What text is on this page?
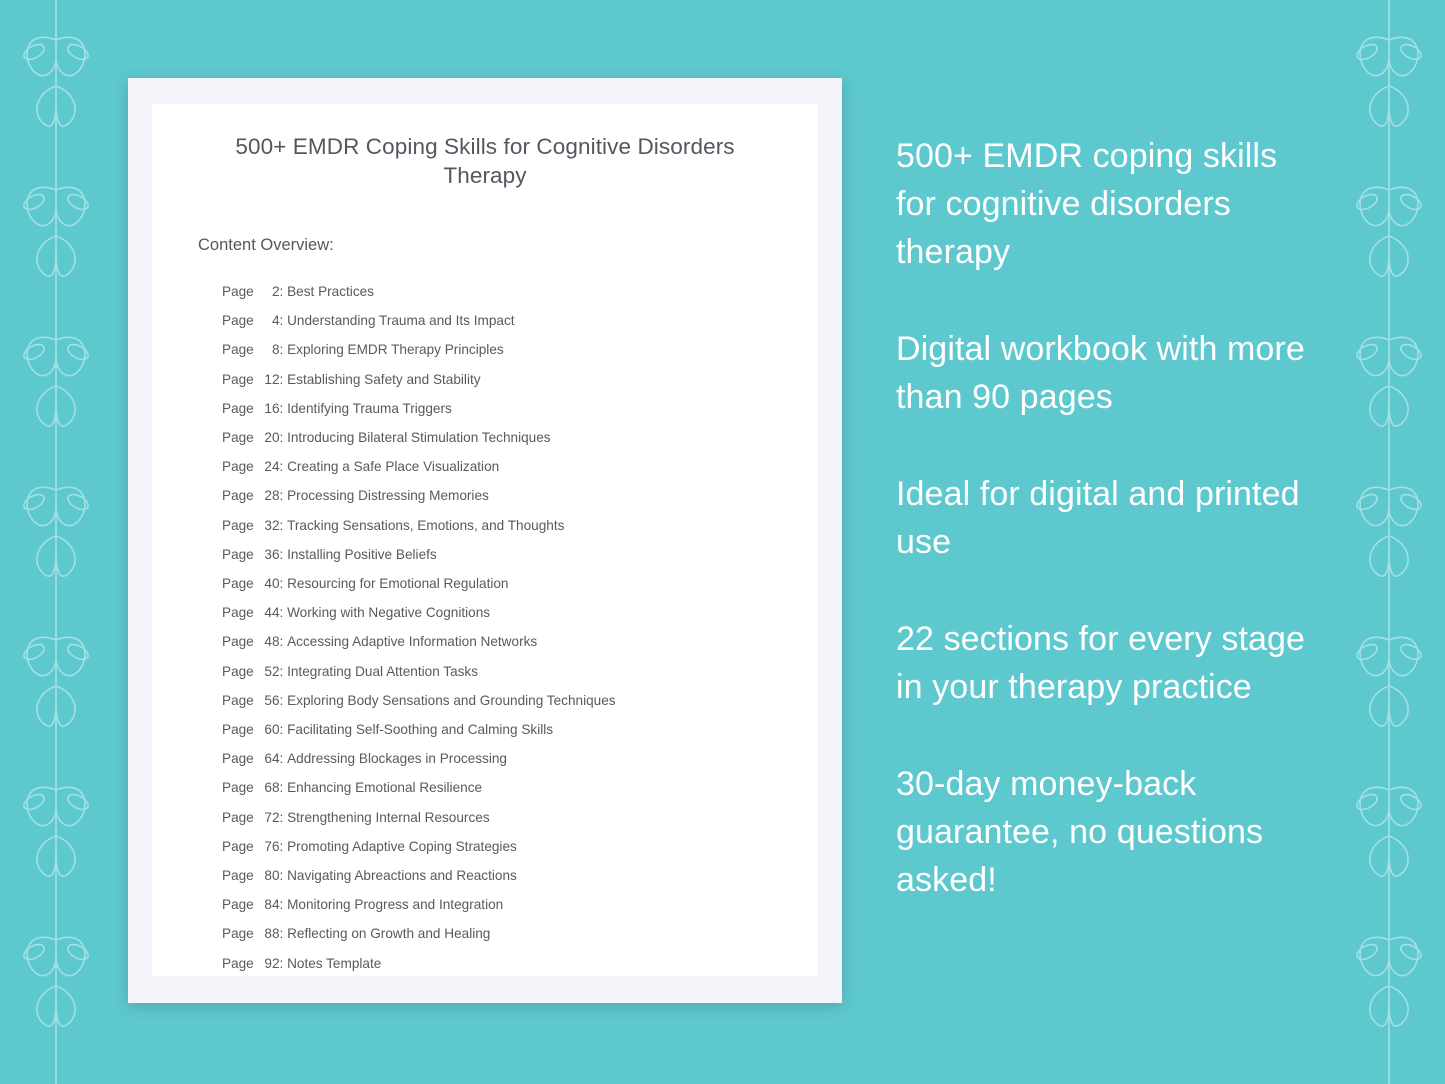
500+ EMDR Coping Skills for Cognitive Disorders Therapy

Content Overview:

Page 2: Best Practices
Page 4: Understanding Trauma and Its Impact
Page 8: Exploring EMDR Therapy Principles
Page 12: Establishing Safety and Stability
Page 16: Identifying Trauma Triggers
Page 20: Introducing Bilateral Stimulation Techniques
Page 24: Creating a Safe Place Visualization
Page 28: Processing Distressing Memories
Page 32: Tracking Sensations, Emotions, and Thoughts
Page 36: Installing Positive Beliefs
Page 40: Resourcing for Emotional Regulation
Page 44: Working with Negative Cognitions
Page 48: Accessing Adaptive Information Networks
Page 52: Integrating Dual Attention Tasks
Page 56: Exploring Body Sensations and Grounding Techniques
Page 60: Facilitating Self-Soothing and Calming Skills
Page 64: Addressing Blockages in Processing
Page 68: Enhancing Emotional Resilience
Page 72: Strengthening Internal Resources
Page 76: Promoting Adaptive Coping Strategies
Page 80: Navigating Abreactions and Reactions
Page 84: Monitoring Progress and Integration
Page 88: Reflecting on Growth and Healing
Page 92: Notes Template

500+ EMDR coping skills for cognitive disorders therapy

Digital workbook with more than 90 pages

Ideal for digital and printed use

22 sections for every stage in your therapy practice

30-day money-back guarantee, no questions asked!
